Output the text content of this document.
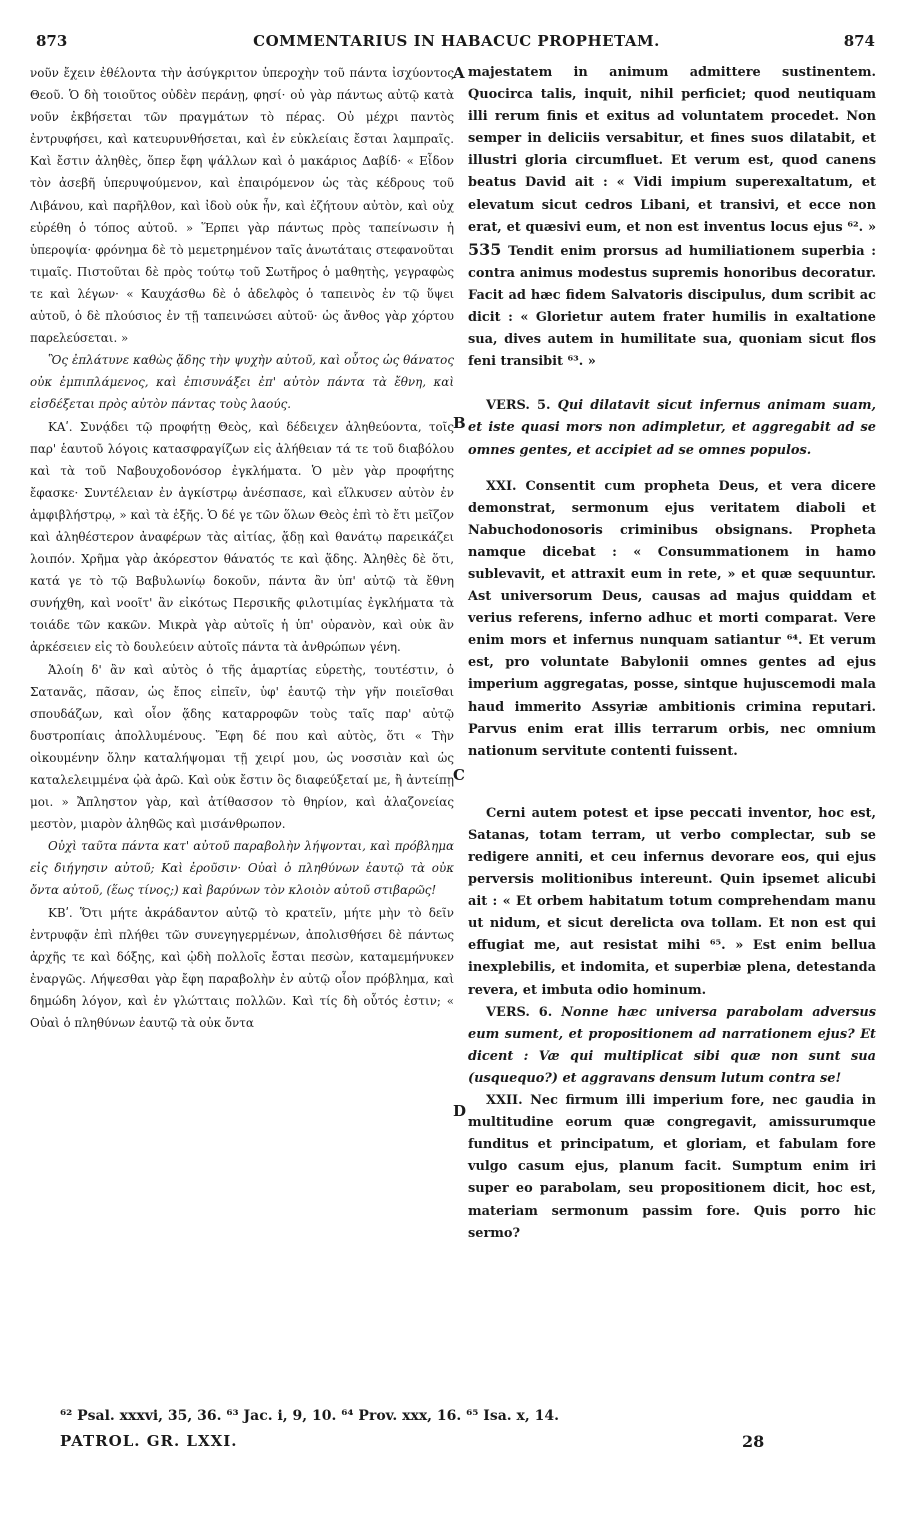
873	COMMENTARIUS IN HABACUC PROPHETAM.	874

νοῦν ἔχειν ἐθέλοντα τὴν ἀσύγκριτον ὑπεροχὴν τοῦ πάντα ἰσχύοντος Θεοῦ. Ὁ δὴ τοιοῦτος οὐδὲν περάνῃ, φησί· οὐ γὰρ πάντως αὐτῷ κατὰ νοῦν ἐκβήσεται τῶν πραγμάτων τὸ πέρας. Οὐ μέχρι παντὸς ἐντρυφήσει, καὶ κατευρυνθήσεται, καὶ ἐν εὐκλείαις ἔσται λαμπραῖς. Καὶ ἔστιν ἀληθὲς, ὅπερ ἔφη ψάλλων καὶ ὁ μακάριος Δαβίδ· « Εἶδον τὸν ἀσεβῆ ὑπερυψούμενον, καὶ ἐπαιρόμενον ὡς τὰς κέδρους τοῦ Λιβάνου, καὶ παρῆλθον, καὶ ἰδοὺ οὐκ ἦν, καὶ ἐζήτουν αὐτὸν, καὶ οὐχ εὑρέθη ὁ τόπος αὐτοῦ. » Ἕρπει γὰρ πάντως πρὸς ταπείνωσιν ἡ ὑπεροψία· φρόνημα δὲ τὸ μεμετρημένον ταῖς ἀνωτάταις στεφανοῦται τιμαῖς. Πιστοῦται δὲ πρὸς τούτῳ τοῦ Σωτῆρος ὁ μαθητὴς, γεγραφὼς τε καὶ λέγων· « Καυχάσθω δὲ ὁ ἀδελφὸς ὁ ταπεινὸς ἐν τῷ ὕψει αὐτοῦ, ὁ δὲ πλούσιος ἐν τῇ ταπεινώσει αὐτοῦ· ὡς ἄνθος γὰρ χόρτου παρελεύσεται. »

Ὃς ἐπλάτυνε καθὼς ᾅδης τὴν ψυχὴν αὐτοῦ, καὶ οὗτος ὡς θάνατος οὐκ ἐμπιπλάμενος, καὶ ἐπισυνάξει ἐπ' αὐτὸν πάντα τὰ ἔθνη, καὶ εἰσδέξεται πρὸς αὐτὸν πάντας τοὺς λαούς.

ΚΑʹ. Συνᾴδει τῷ προφήτῃ Θεὸς, καὶ δέδειχεν ἀληθεύοντα, τοῖς παρ' ἑαυτοῦ λόγοις κατασφραγίζων εἰς ἀλήθειαν τά τε τοῦ διαβόλου καὶ τὰ τοῦ Ναβουχοδονόσορ ἐγκλήματα. Ὁ μὲν γὰρ προφήτης ἔφασκε· Συντέλειαν ἐν ἀγκίστρῳ ἀνέσπασε, καὶ εἵλκυσεν αὐτὸν ἐν ἀμφιβλήστρῳ, » καὶ τὰ ἑξῆς. Ὁ δέ γε τῶν ὅλων Θεὸς ἐπὶ τὸ ἔτι μεῖζον καὶ ἀληθέστερον ἀναφέρων τὰς αἰτίας, ᾅδῃ καὶ θανάτῳ παρεικάζει λοιπόν. Χρῆμα γὰρ ἀκόρεστον θάνατός τε καὶ ᾅδης. Ἀληθὲς δὲ ὅτι, κατά γε τὸ τῷ Βαβυλωνίῳ δοκοῦν, πάντα ἂν ὑπ' αὐτῷ τὰ ἔθνη συνήχθη, καὶ νοοῖτ' ἂν εἰκότως Περσικῆς φιλοτιμίας ἐγκλήματα τὰ τοιάδε τῶν κακῶν. Μικρὰ γὰρ αὐτοῖς ἡ ὑπ' οὐρανὸν, καὶ οὐκ ἂν ἀρκέσειεν εἰς τὸ δουλεύειν αὐτοῖς πάντα τὰ ἀνθρώπων γένη.

Ἁλοίη δ' ἂν καὶ αὐτὸς ὁ τῆς ἁμαρτίας εὑρετὴς, τουτέστιν, ὁ Σατανᾶς, πᾶσαν, ὡς ἔπος εἰπεῖν, ὑφ' ἑαυτῷ τὴν γῆν ποιεῖσθαι σπουδάζων, καὶ οἷον ᾅδης καταρροφῶν τοὺς ταῖς παρ' αὐτῷ δυστροπίαις ἀπολλυμένους. Ἔφη δέ που καὶ αὐτὸς, ὅτι « Τὴν οἰκουμένην ὅλην καταλήψομαι τῇ χειρί μου, ὡς νοσσιὰν καὶ ὡς καταλελειμμένα ᾠὰ ἀρῶ. Καὶ οὐκ ἔστιν ὃς διαφεύξεταί με, ἢ ἀντείπῃ μοι. » Ἄπληστον γὰρ, καὶ ἀτίθασσον τὸ θηρίον, καὶ ἀλαζονείας μεστὸν, μιαρὸν ἀληθῶς καὶ μισάνθρωπον.

Οὐχὶ ταῦτα πάντα κατ' αὐτοῦ παραβολὴν λήψονται, καὶ πρόβλημα εἰς διήγησιν αὐτοῦ; Καὶ ἐροῦσιν· Οὐαὶ ὁ πληθύνων ἑαυτῷ τὰ οὐκ ὄντα αὐτοῦ, (ἕως τίνος;) καὶ βαρύνων τὸν κλοιὸν αὐτοῦ στιβαρῶς!

ΚΒʹ. Ὅτι μήτε ἀκράδαντον αὐτῷ τὸ κρατεῖν, μήτε μὴν τὸ δεῖν ἐντρυφᾷν ἐπὶ πλήθει τῶν συνεγηγερμένων, ἀπολισθήσει δὲ πάντως ἀρχῆς τε καὶ δόξης, καὶ ᾠδὴ πολλοῖς ἔσται πεσὼν, καταμεμήνυκεν ἐναργῶς. Λήψεσθαι γὰρ ἔφη παραβολὴν ἐν αὐτῷ οἷον πρόβλημα, καὶ δημώδη λόγον, καὶ ἐν γλώτταις πολλῶν. Καὶ τίς δὴ οὗτός ἐστιν; « Οὐαὶ ὁ πληθύνων ἑαυτῷ τὰ οὐκ ὄντα

A
B
C
D

majestatem in animum admittere sustinentem. Quocirca talis, inquit, nihil perficiet; quod neutiquam illi rerum finis et exitus ad voluntatem procedet. Non semper in deliciis versabitur, et fines suos dilatabit, et illustri gloria circumfluet. Et verum est, quod canens beatus David ait : « Vidi impium superexaltatum, et elevatum sicut cedros Libani, et transivi, et ecce non erat, et quæsivi eum, et non est inventus locus ejus ⁶². » 535 Tendit enim prorsus ad humiliationem superbia : contra animus modestus supremis honoribus decoratur. Facit ad hæc fidem Salvatoris discipulus, dum scribit ac dicit : « Glorietur autem frater humilis in exaltatione sua, dives autem in humilitate sua, quoniam sicut flos feni transibit ⁶³. »

VERS. 5. Qui dilatavit sicut infernus animam suam, et iste quasi mors non adimpletur, et aggregabit ad se omnes gentes, et accipiet ad se omnes populos.

XXI. Consentit cum propheta Deus, et vera dicere demonstrat, sermonum ejus veritatem diaboli et Nabuchodonosoris criminibus obsignans. Propheta namque dicebat : « Consummationem in hamo sublevavit, et attraxit eum in rete, » et quæ sequuntur. Ast universorum Deus, causas ad majus quiddam et verius referens, inferno adhuc et morti comparat. Vere enim mors et infernus nunquam satiantur ⁶⁴. Et verum est, pro voluntate Babylonii omnes gentes ad ejus imperium aggregatas, posse, sintque hujuscemodi mala haud immerito Assyriæ ambitionis crimina reputari. Parvus enim erat illis terrarum orbis, nec omnium nationum servitute contenti fuissent.

Cerni autem potest et ipse peccati inventor, hoc est, Satanas, totam terram, ut verbo complectar, sub se redigere anniti, et ceu infernus devorare eos, qui ejus perversis molitionibus intereunt. Quin ipsemet alicubi ait : « Et orbem habitatum totum comprehendam manu ut nidum, et sicut derelicta ova tollam. Et non est qui effugiat me, aut resistat mihi ⁶⁵. » Est enim bellua inexplebilis, et indomita, et superbiæ plena, detestanda revera, et imbuta odio hominum.

VERS. 6. Nonne hæc universa parabolam adversus eum sument, et propositionem ad narrationem ejus? Et dicent : Væ qui multiplicat sibi quæ non sunt sua (usquequo?) et aggravans densum lutum contra se!

XXII. Nec firmum illi imperium fore, nec gaudia in multitudine eorum quæ congregavit, amissurumque funditus et principatum, et gloriam, et fabulam fore vulgo casum ejus, planum facit. Sumptum enim iri super eo parabolam, seu propositionem dicit, hoc est, materiam sermonum passim fore. Quis porro hic sermo?

⁶² Psal. xxxvi, 35, 36. ⁶³ Jac. i, 9, 10. ⁶⁴ Prov. xxx, 16. ⁶⁵ Isa. x, 14.
PATROL. GR. LXXI.	28
